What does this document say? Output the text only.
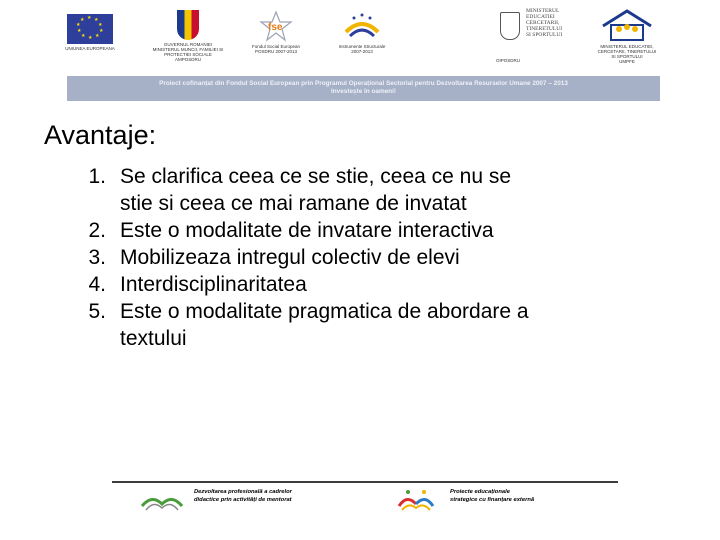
★ ★
★
★
★
★
★
★
★
★
UNIUNEA EUROPEANA
GUVERNUL ROMANIEI
MINISTERUL MUNCII, FAMILIEI SI
PROTECTIEI SOCIALE
AMPOSDRU
fse
Fondul Social European
POSDRU 2007-2013
Instrumente Structurale
2007-2013
MINISTERUL
EDUCATIEI
CERCETARII,
TINERETULUI
SI SPORTULUI
OIPOSDRU
MINISTERUL EDUCATIEI,
CERCETARII, TINERETULUI
SI SPORTULUI
UMPFE
Proiect cofinanțat din Fondul Social European prin Programul Operațional Sectorial pentru Dezvoltarea Resurselor Umane 2007 – 2013
Investește în oameni!
Avantaje:
1. Se clarifica ceea ce se stie, ceea ce nu se
stie si ceea ce mai ramane de invatat
2. Este o modalitate de invatare interactiva
3. Mobilizeaza intregul colectiv de elevi
4. Interdisciplinaritatea
5. Este o modalitate pragmatica de abordare a
textului
Dezvoltarea profesională a cadrelor
didactice prin activități de mentorat
Proiecte educaționale
strategice cu finanțare externă
